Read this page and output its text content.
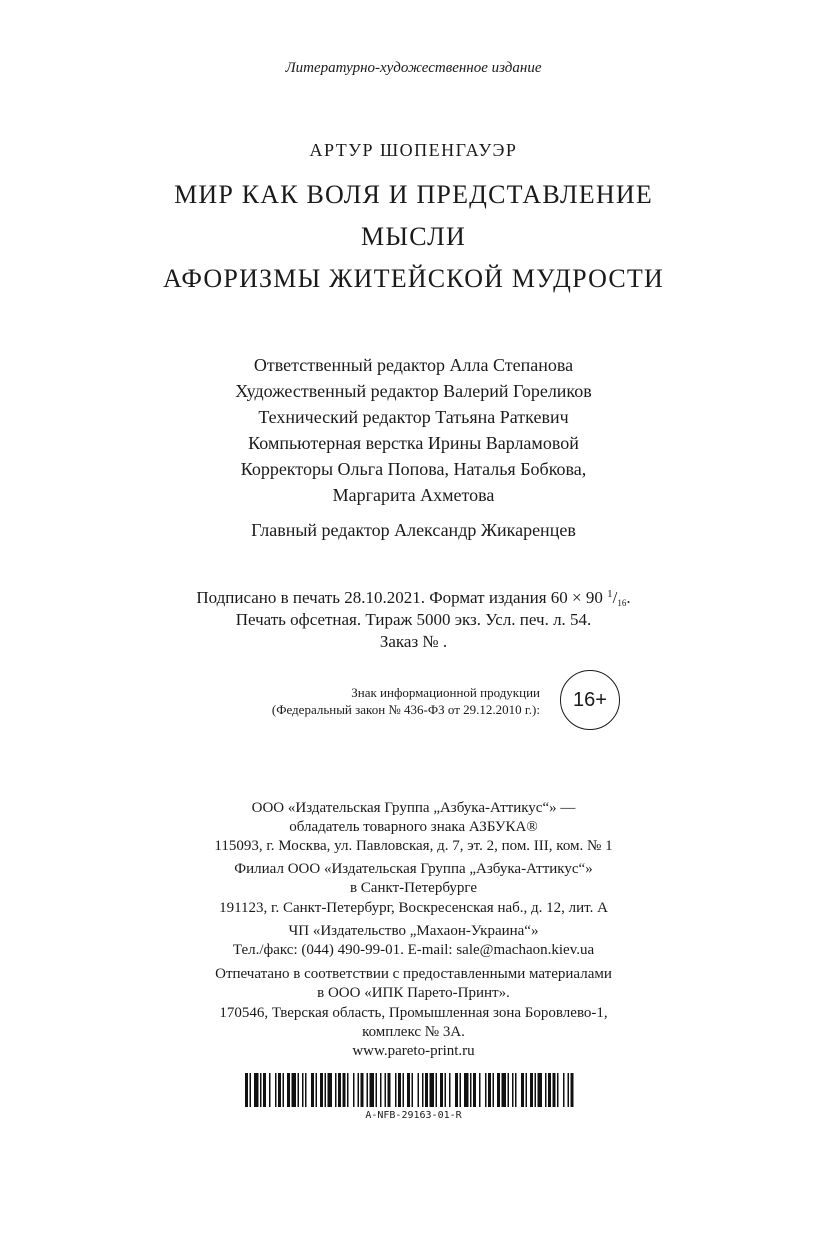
Литературно-художественное издание
АРТУР ШОПЕНГАУЭР
МИР КАК ВОЛЯ И ПРЕДСТАВЛЕНИЕ
МЫСЛИ
АФОРИЗМЫ ЖИТЕЙСКОЙ МУДРОСТИ
Ответственный редактор Алла Степанова
Художественный редактор Валерий Гореликов
Технический редактор Татьяна Раткевич
Компьютерная верстка Ирины Варламовой
Корректоры Ольга Попова, Наталья Бобкова,
Маргарита Ахметова
Главный редактор Александр Жикаренцев
Подписано в печать 28.10.2021. Формат издания 60 × 90 $^1/_{16}$.
Печать офсетная. Тираж 5000 экз. Усл. печ. л. 54.
Заказ № .
Знак информационной продукции
(Федеральный закон № 436-ФЗ от 29.12.2010 г.):	16+
ООО «Издательская Группа „Азбука-Аттикус“» —
обладатель товарного знака АЗБУКА®
115093, г. Москва, ул. Павловская, д. 7, эт. 2, пом. III, ком. № 1
Филиал ООО «Издательская Группа „Азбука-Аттикус“»
в Санкт-Петербурге
191123, г. Санкт-Петербург, Воскресенская наб., д. 12, лит. А
ЧП «Издательство „Махаон-Украина“»
Тел./факс: (044) 490-99-01. E-mail: sale@machaon.kiev.ua
Отпечатано в соответствии с предоставленными материалами
в ООО «ИПК Парето-Принт».
170546, Тверская область, Промышленная зона Боровлево-1,
комплекс № 3А.
www.pareto-print.ru
A-NFB-29163-01-R
